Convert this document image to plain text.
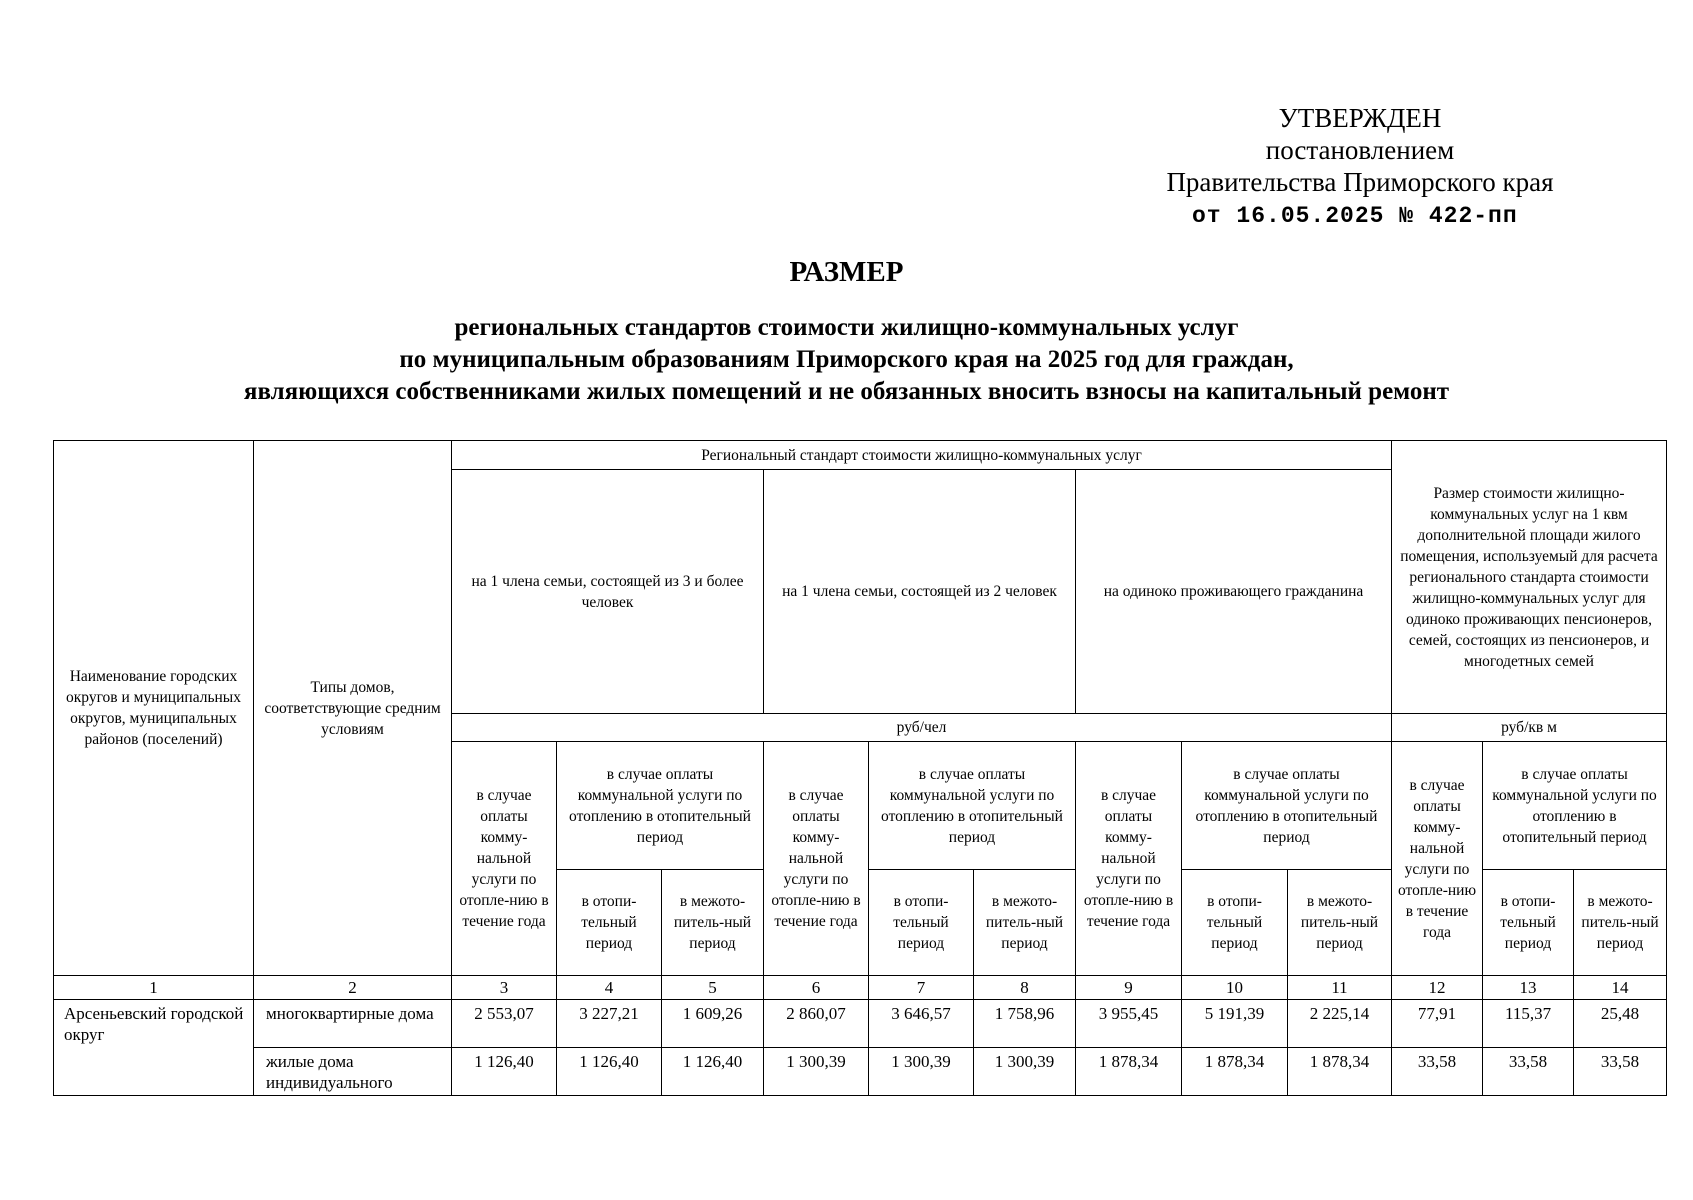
УТВЕРЖДЕН
постановлением
Правительства Приморского края
от 16.05.2025 № 422-пп
РАЗМЕР
региональных стандартов стоимости жилищно-коммунальных услуг
по муниципальным образованиям Приморского края на 2025 год для граждан,
являющихся собственниками жилых помещений и не обязанных вносить взносы на капитальный ремонт
Наименование городских округов и муниципальных округов, муниципальных районов (поселений)	Типы домов, соответствующие средним условиям	Региональный стандарт стоимости жилищно-коммунальных услуг									Размер стоимости жилищно-коммунальных услуг на 1 квм дополнительной площади жилого помещения, используемый для расчета регионального стандарта стоимости жилищно-коммунальных услуг для одиноко проживающих пенсионеров, семей, состоящих из пенсионеров, и многодетных семей		
		на 1 члена семьи, состоящей из 3 и более человек			на 1 члена семьи, состоящей из 2 человек			на одиноко проживающего гражданина					
		руб/чел									руб/кв м		
		в случае оплаты комму-нальной услуги по отопле-нию в течение года	в случае оплаты коммунальной услуги по отоплению в отопительный период		в случае оплаты комму-нальной услуги по отопле-нию в течение года	в случае оплаты коммунальной услуги по отоплению в отопительный период		в случае оплаты комму-нальной услуги по отопле-нию в течение года	в случае оплаты коммунальной услуги по отоплению в отопительный период		в случае оплаты комму-нальной услуги по отопле-нию в течение года	в случае оплаты коммунальной услуги по отоплению в отопительный период	
			в отопи-тельный период	в межото-питель-ный период		в отопи-тельный период	в межото-питель-ный период		в отопи-тельный период	в межото-питель-ный период		в отопи-тельный период	в межото-питель-ный период

1	2	3	4	5	6	7	8	9	10	11	12	13	14
Арсеньевский городской округ	многоквартирные дома	2 553,07	3 227,21	1 609,26	2 860,07	3 646,57	1 758,96	3 955,45	5 191,39	2 225,14	77,91	115,37	25,48
	жилые дома индивидуального	1 126,40	1 126,40	1 126,40	1 300,39	1 300,39	1 300,39	1 878,34	1 878,34	1 878,34	33,58	33,58	33,58
